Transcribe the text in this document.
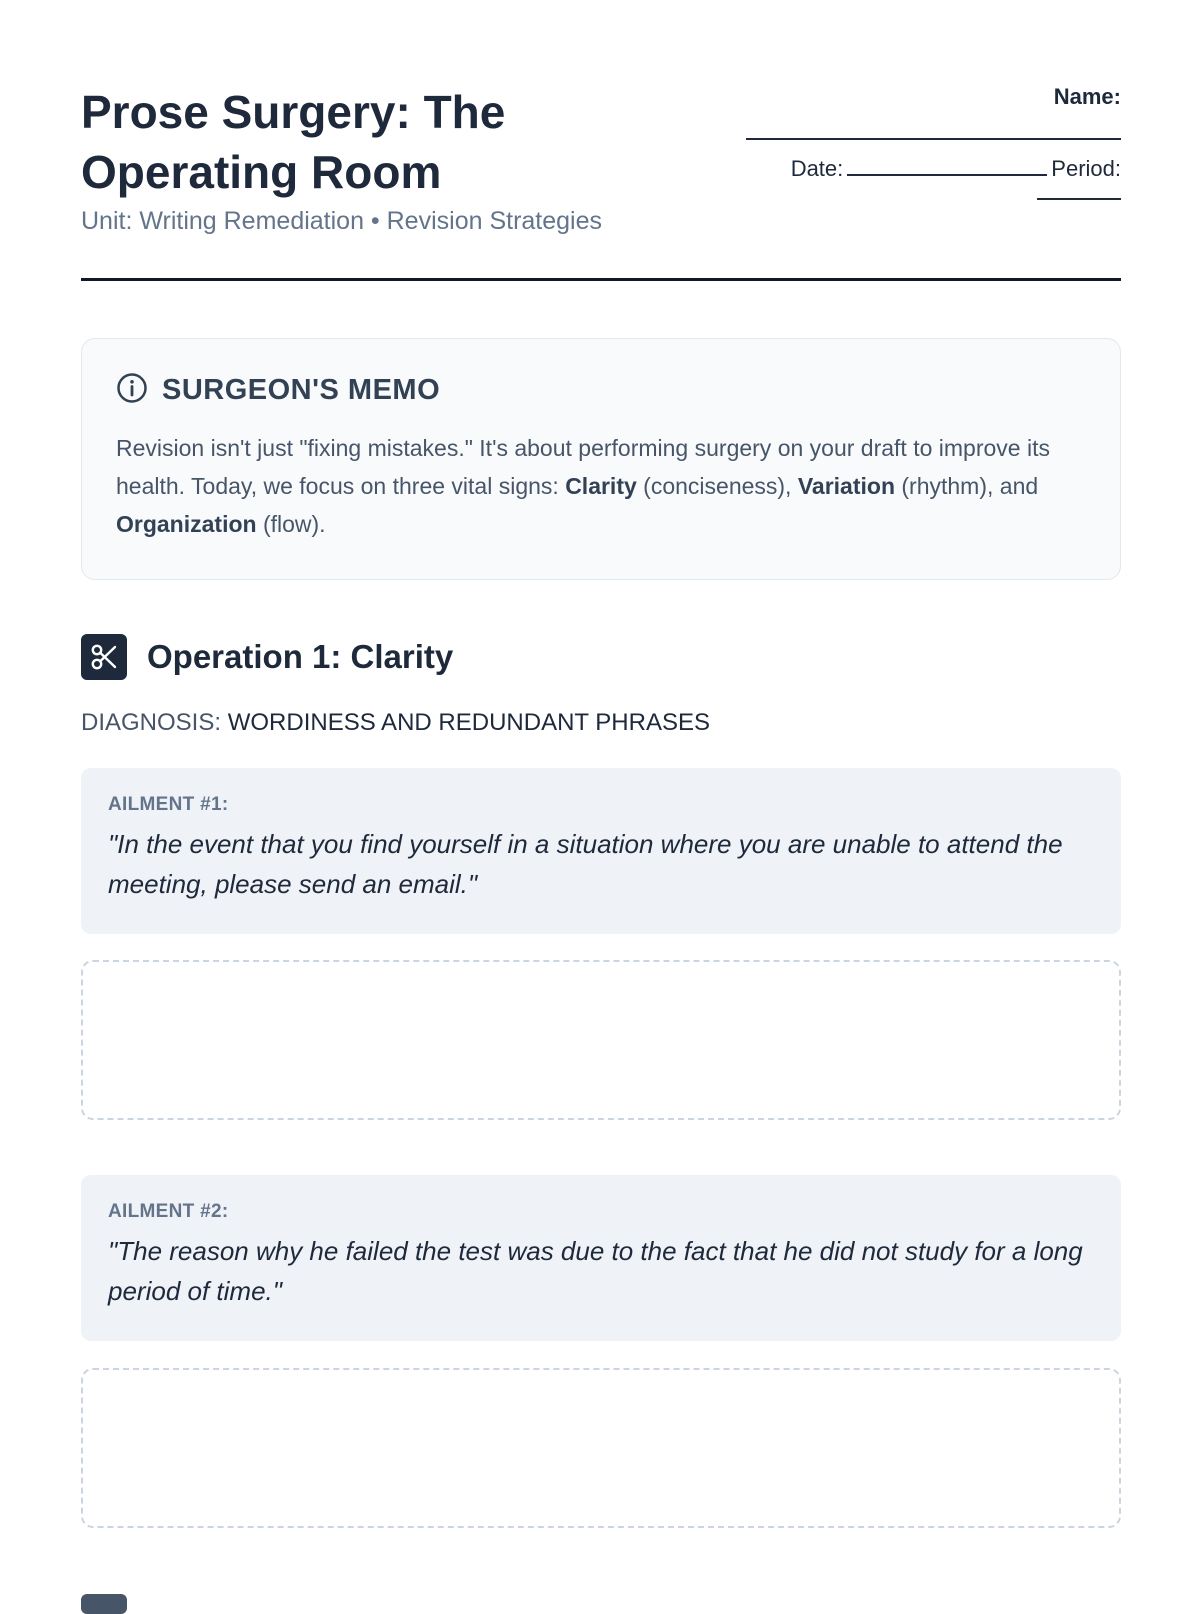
Prose Surgery: The Operating Room
Unit: Writing Remediation • Revision Strategies
Name:
Date:	Period:
SURGEON'S MEMO
Revision isn't just "fixing mistakes." It's about performing surgery on your draft to improve its health. Today, we focus on three vital signs: Clarity (conciseness), Variation (rhythm), and Organization (flow).
Operation 1: Clarity
DIAGNOSIS: WORDINESS AND REDUNDANT PHRASES
AILMENT #1:
"In the event that you find yourself in a situation where you are unable to attend the meeting, please send an email."
AILMENT #2:
"The reason why he failed the test was due to the fact that he did not study for a long period of time."
